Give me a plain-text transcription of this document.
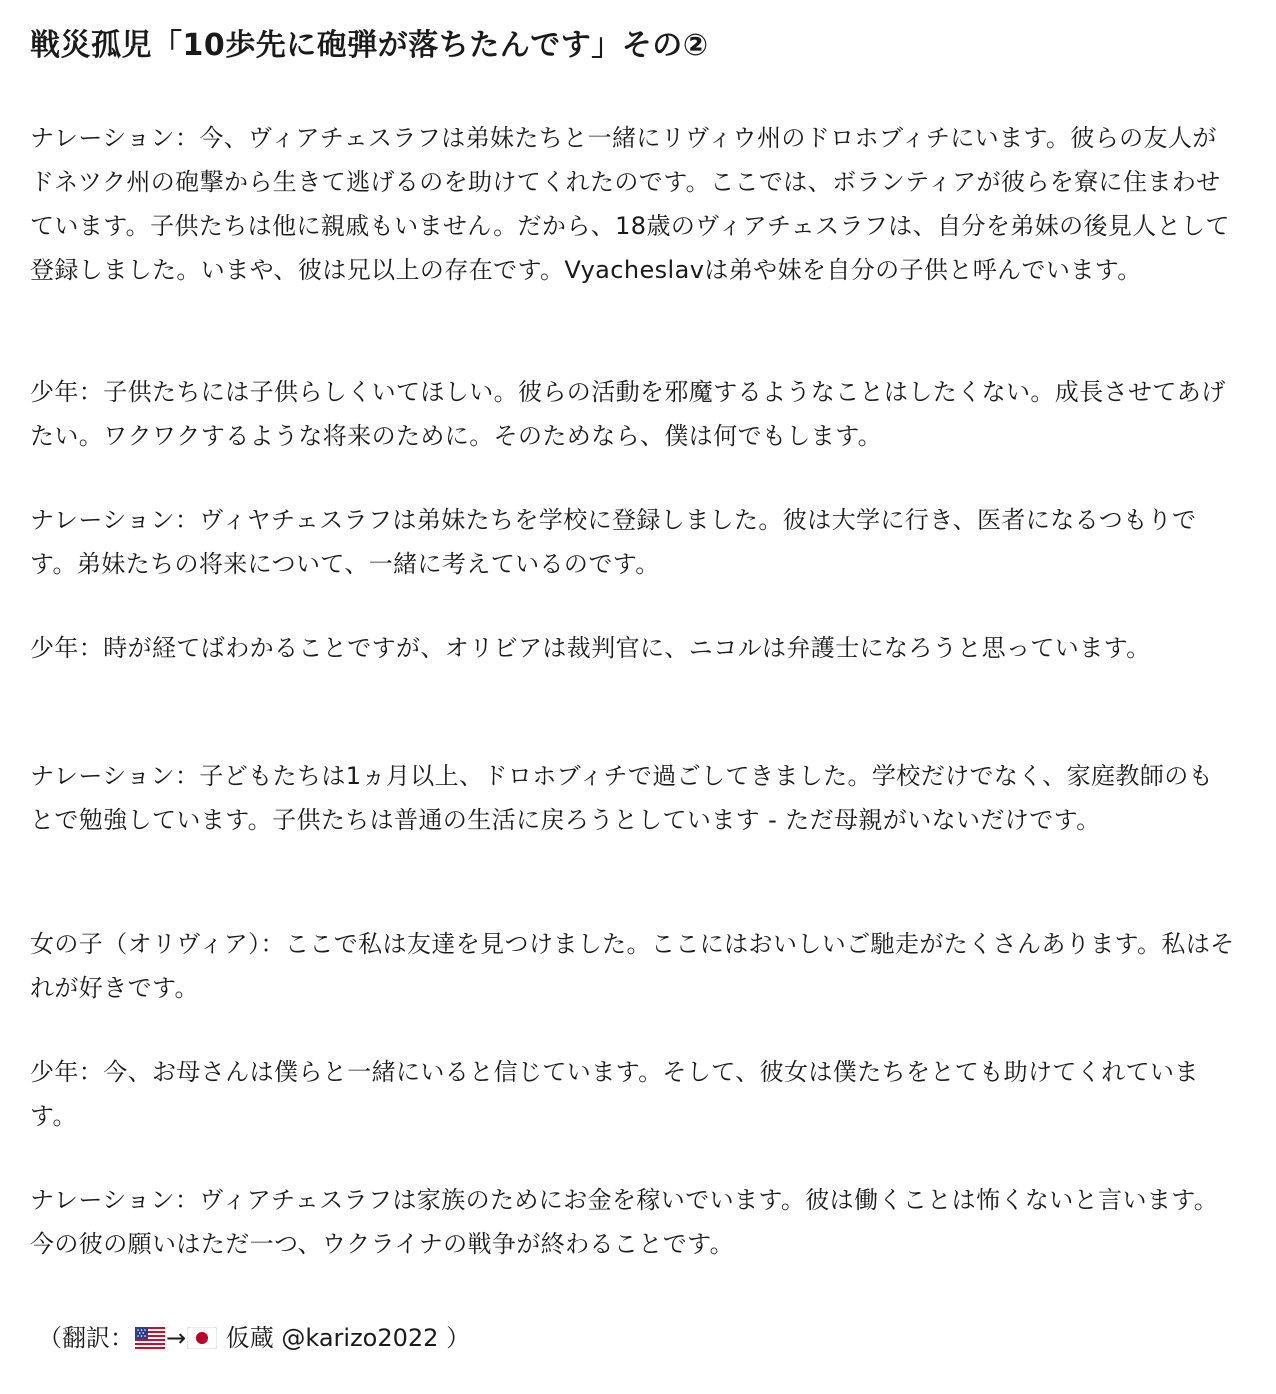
戦災孤児「10歩先に砲弾が落ちたんです」その②

ナレーション：今、ヴィアチェスラフは弟妹たちと一緒にリヴィウ州のドロホブィチにいます。彼らの友人がドネツク州の砲撃から生きて逃げるのを助けてくれたのです。ここでは、ボランティアが彼らを寮に住まわせています。子供たちは他に親戚もいません。だから、18歳のヴィアチェスラフは、自分を弟妹の後見人として登録しました。いまや、彼は兄以上の存在です。Vyacheslavは弟や妹を自分の子供と呼んでいます。

少年：子供たちには子供らしくいてほしい。彼らの活動を邪魔するようなことはしたくない。成長させてあげたい。ワクワクするような将来のために。そのためなら、僕は何でもします。

ナレーション：ヴィヤチェスラフは弟妹たちを学校に登録しました。彼は大学に行き、医者になるつもりです。弟妹たちの将来について、一緒に考えているのです。

少年：時が経てばわかることですが、オリビアは裁判官に、ニコルは弁護士になろうと思っています。

ナレーション：子どもたちは1ヵ月以上、ドロホブィチで過ごしてきました。学校だけでなく、家庭教師のもとで勉強しています。子供たちは普通の生活に戻ろうとしています - ただ母親がいないだけです。

女の子（オリヴィア）：ここで私は友達を見つけました。ここにはおいしいご馳走がたくさんあります。私はそれが好きです。

少年：今、お母さんは僕らと一緒にいると信じています。そして、彼女は僕たちをとても助けてくれています。

ナレーション：ヴィアチェスラフは家族のためにお金を稼いでいます。彼は働くことは怖くないと言います。今の彼の願いはただ一つ、ウクライナの戦争が終わることです。

（翻訳： → 仮蔵 @karizo2022 ）
